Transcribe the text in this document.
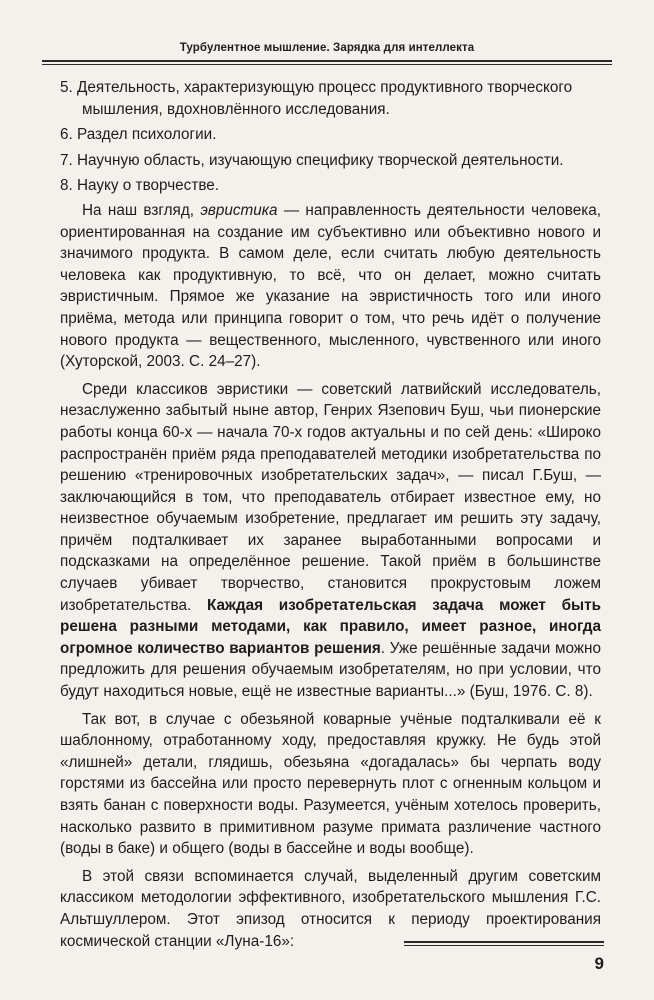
Турбулентное мышление. Зарядка для интеллекта

5. Деятельность, характеризующую процесс продуктивного творческого мышления, вдохновлённого исследования.

6. Раздел психологии.

7. Научную область, изучающую специфику творческой деятельности.

8. Науку о творчестве.

На наш взгляд, эвристика — направленность деятельности человека, ориентированная на создание им субъективно или объективно нового и значимого продукта. В самом деле, если считать любую деятельность человека как продуктивную, то всё, что он делает, можно считать эвристичным. Прямое же указание на эвристичность того или иного приёма, метода или принципа говорит о том, что речь идёт о получение нового продукта — вещественного, мысленного, чувственного или иного (Хуторской, 2003. С. 24–27).

Среди классиков эвристики — советский латвийский исследователь, незаслуженно забытый ныне автор, Генрих Язепович Буш, чьи пионерские работы конца 60-х — начала 70-х годов актуальны и по сей день: «Широко распространён приём ряда преподавателей методики изобретательства по решению «тренировочных изобретательских задач», — писал Г.Буш, — заключающийся в том, что преподаватель отбирает известное ему, но неизвестное обучаемым изобретение, предлагает им решить эту задачу, причём подталкивает их заранее выработанными вопросами и подсказками на определённое решение. Такой приём в большинстве случаев убивает творчество, становится прокрустовым ложем изобретательства. Каждая изобретательская задача может быть решена разными методами, как правило, имеет разное, иногда огромное количество вариантов решения. Уже решённые задачи можно предложить для решения обучаемым изобретателям, но при условии, что будут находиться новые, ещё не известные варианты...» (Буш, 1976. С. 8).

Так вот, в случае с обезьяной коварные учёные подталкивали её к шаблонному, отработанному ходу, предоставляя кружку. Не будь этой «лишней» детали, глядишь, обезьяна «догадалась» бы черпать воду горстями из бассейна или просто перевернуть плот с огненным кольцом и взять банан с поверхности воды. Разумеется, учёным хотелось проверить, насколько развито в примитивном разуме примата различение частного (воды в баке) и общего (воды в бассейне и воды вообще).

В этой связи вспоминается случай, выделенный другим советским классиком методологии эффективного, изобретательского мышления Г.С. Альтшуллером. Этот эпизод относится к периоду проектирования космической станции «Луна-16»:

9
